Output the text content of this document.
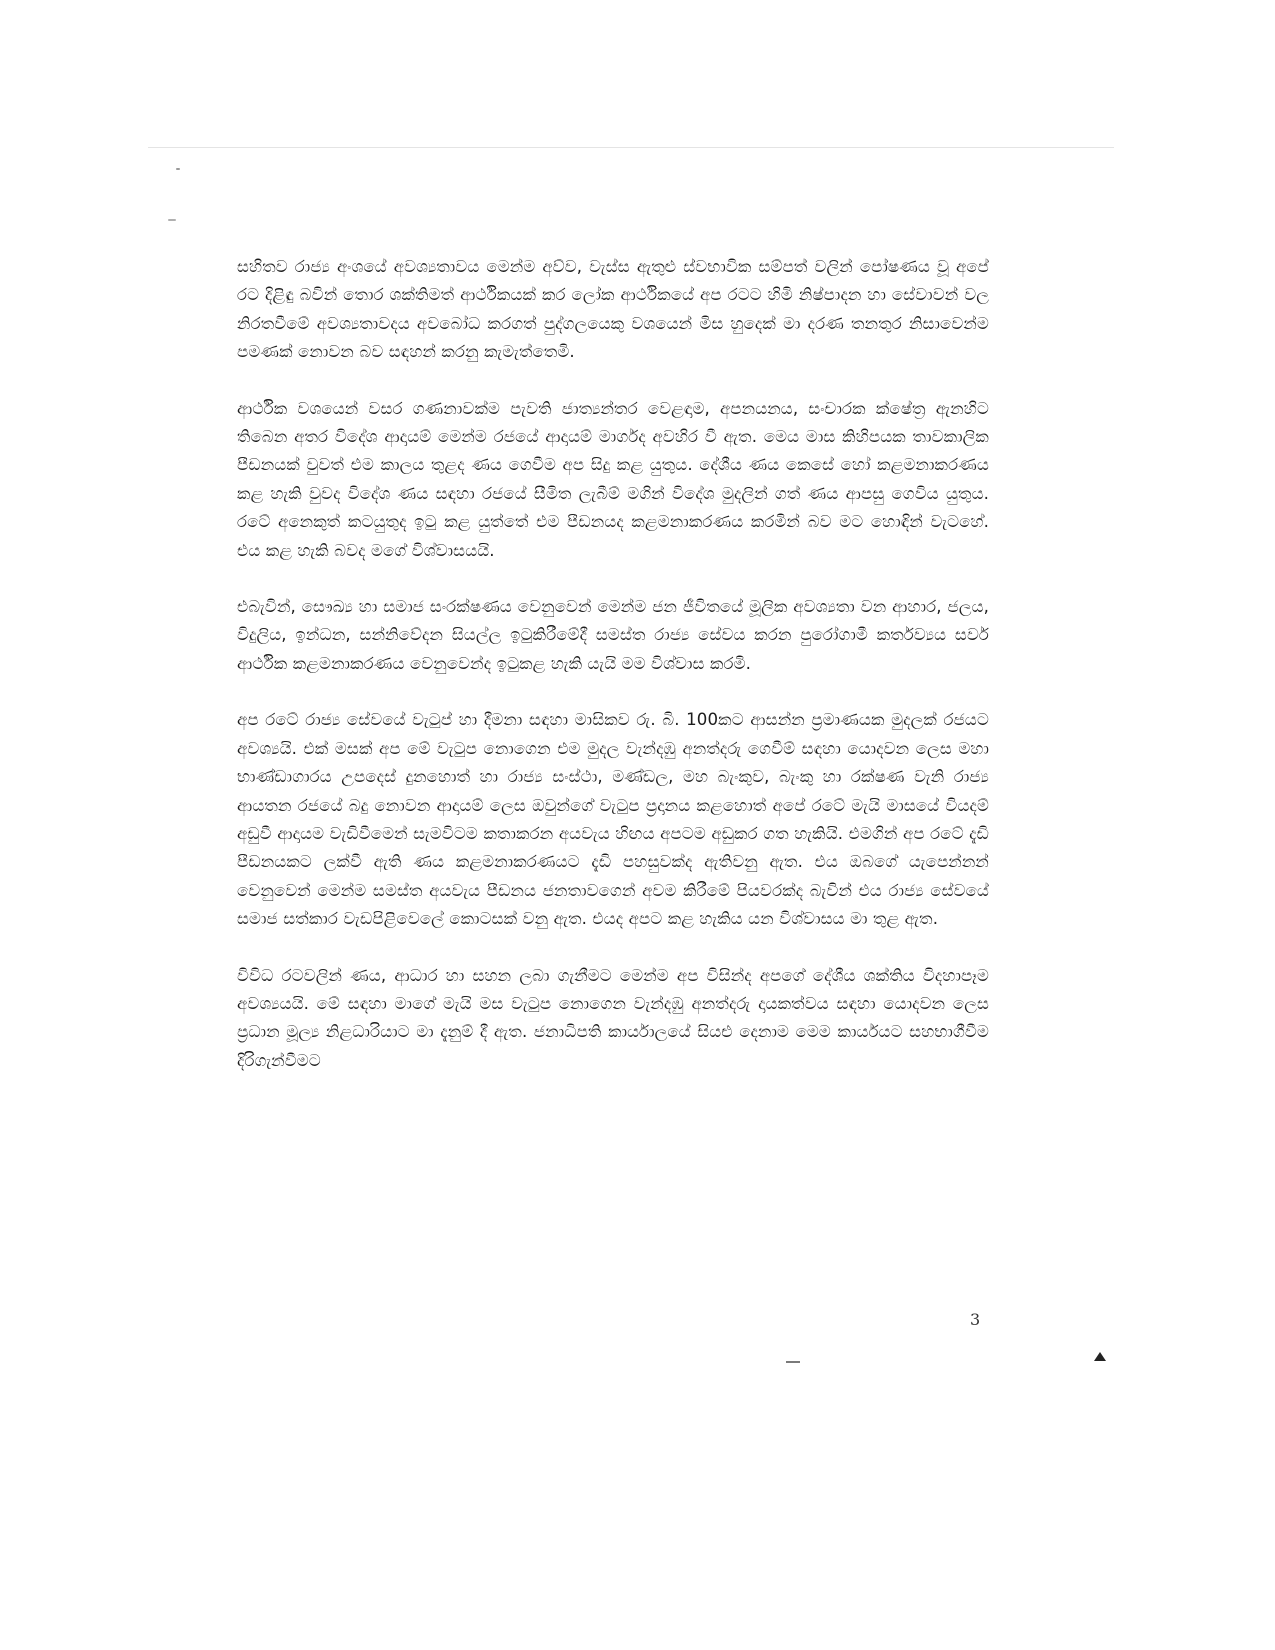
සහිතව රාජ්‍ය අංශයේ අවශ්‍යතාවය මෙන්ම අව්ව, වැස්ස ඇතුළු ස්වභාවික සම්පත් වලින් පෝෂණය වූ අපේ රට දිළිඳු බවින් තොර ශක්තිමත් ආර්ථිකයක් කර ලෝක ආර්ථිකයේ අප රටට හිමි නිෂ්පාදන හා සේවාවන් වල නිරතවීමේ අවශ්‍යතාවදය අවබෝධ කරගත් පුද්ගලයෙකු වශයෙන් මිස හුදෙක් මා දරණ තනතුර නිසාවෙන්ම පමණක් නොවන බව සඳහන් කරනු කැමැත්තෙමි.

ආර්ථික වශයෙන් වසර ගණනාවක්ම පැවති ජාත්‍යන්තර වෙළඳාම, අපනයනය, සංචාරක ක්ෂේත්‍ර ඇනහිට තිබෙන අතර විදේශ ආදායම් මෙන්ම රජයේ ආදායම් මාර්ගද අවහිර වී ඇත. මෙය මාස කිහිපයක තාවකාලික පීඩනයක් වුවත් එම කාලය තුළද ණය ගෙවීම අප සිදු කළ යුතුය. දේශීය ණය කෙසේ හෝ කළමනාකරණය කළ හැකි වුවද විදේශ ණය සඳහා රජයේ සීමිත ලැබීම් මගින් විදේශ මුදලින් ගත් ණය ආපසු ගෙවිය යුතුය. රටේ අනෙකුත් කටයුතුද ඉටු කළ යුත්තේ එම පීඩනයද කළමනාකරණය කරමින් බව මට හොඳින් වැටහේ. එය කළ හැකි බවද මගේ විශ්වාසයයි.

එබැවින්, සෞඛ්‍ය හා සමාජ සංරක්ෂණය වෙනුවෙන් මෙන්ම ජන ජීවිතයේ මූලික අවශ්‍යතා වන ආහාර, ජලය, විදුලිය, ඉන්ධන, සන්නිවේදන සියල්ල ඉටුකිරීමේදී සමස්ත රාජ්‍ය සේවය කරන පුරෝගාමී කර්තව්‍යය සර්ව ආර්ථික කළමනාකරණය වෙනුවෙන්ද ඉටුකළ හැකි යැයි මම විශ්වාස කරමි.

අප රටේ රාජ්‍ය සේවයේ වැටුප් හා දීමනා සඳහා මාසිකව රු. බි. 100කට ආසන්න ප්‍රමාණයක මුදලක් රජයට අවශ්‍යයි. එක් මසක් අප මේ වැටුප නොගෙන එම මුදල වැන්දඹු අනත්දරු ගෙවීම් සඳහා යොදවන ලෙස මහා භාණ්ඩාගාරය උපදෙස් දුනහොත් හා රාජ්‍ය සංස්ථා, මණ්ඩල, මහ බැංකුව, බැංකු හා රක්ෂණ වැනි රාජ්‍ය ආයතන රජයේ බදු නොවන ආදායම් ලෙස ඔවුන්ගේ වැටුප ප්‍රදානය කළහොත් අපේ රටේ මැයි මාසයේ වියදම් අඩුවී ආදායම වැඩිවීමෙන් සැමවිටම කතාකරන අයවැය හිඟය අපටම අඩුකර ගත හැකියි. එමගින් අප රටේ දැඩි පීඩනයකට ලක්වී ඇති ණය කළමනාකරණයට දැඩි පහසුවක්ද ඇතිවනු ඇත. එය ඔබගේ යැපෙන්නන් වෙනුවෙන් මෙන්ම සමස්ත අයවැය පීඩනය ජනතාවගෙන් අවම කිරීමේ පියවරක්ද බැවින් එය රාජ්‍ය සේවයේ සමාජ සත්කාර වැඩපිළිවෙලේ කොටසක් වනු ඇත. එයද අපට කළ හැකිය යන විශ්වාසය මා තුළ ඇත.

විවිධ රටවලින් ණය, ආධාර හා සහන ලබා ගැනීමට මෙන්ම අප විසින්ද අපගේ දේශීය ශක්තිය විදහාපෑම අවශ්‍යයයි. මේ සඳහා මාගේ මැයි මස වැටුප නොගෙන වැන්දඹු අනත්දරු දායකත්වය සඳහා යොදවන ලෙස ප්‍රධාන මූල්‍ය නිළධාරියාට මා දැනුම් දී ඇත. ජනාධිපති කාර්යාලයේ සියළු දෙනාම මෙම කාර්යයට සහභාගීවීම දිරිගැන්වීමට

3
